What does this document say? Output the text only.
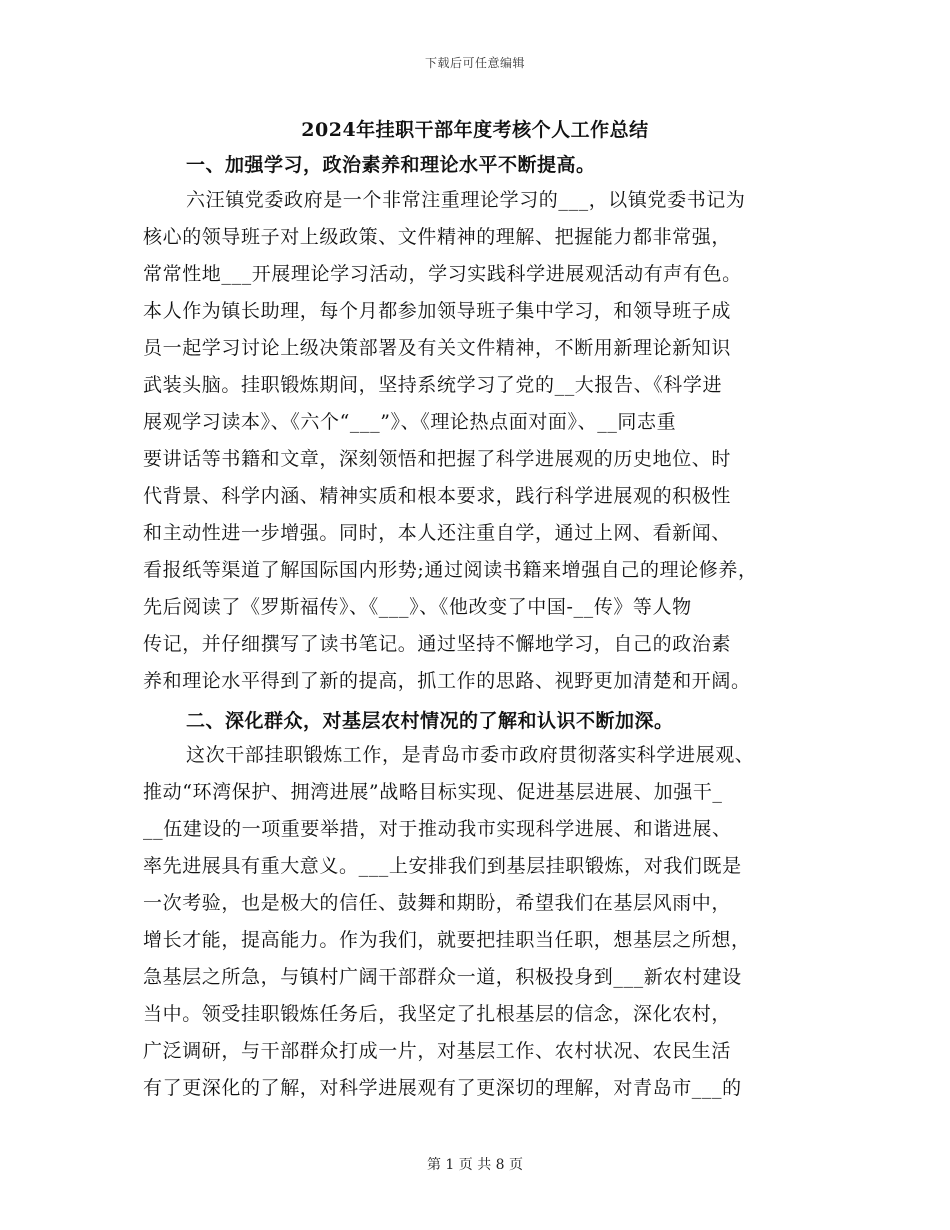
下载后可任意编辑
2024年挂职干部年度考核个人工作总结
一、加强学习，政治素养和理论水平不断提高。
六汪镇党委政府是一个非常注重理论学习的___，以镇党委书记为
核心的领导班子对上级政策、文件精神的理解、把握能力都非常强，
常常性地___开展理论学习活动，学习实践科学进展观活动有声有色。
本人作为镇长助理，每个月都参加领导班子集中学习，和领导班子成
员一起学习讨论上级决策部署及有关文件精神，不断用新理论新知识
武装头脑。挂职锻炼期间，坚持系统学习了党的__大报告、《科学进
展观学习读本》、《六个“___”》、《理论热点面对面》、__同志重
要讲话等书籍和文章，深刻领悟和把握了科学进展观的历史地位、时
代背景、科学内涵、精神实质和根本要求，践行科学进展观的积极性
和主动性进一步增强。同时，本人还注重自学，通过上网、看新闻、
看报纸等渠道了解国际国内形势;通过阅读书籍来增强自己的理论修养，
先后阅读了《罗斯福传》、《___》、《他改变了中国-__传》等人物
传记，并仔细撰写了读书笔记。通过坚持不懈地学习，自己的政治素
养和理论水平得到了新的提高，抓工作的思路、视野更加清楚和开阔。
二、深化群众，对基层农村情况的了解和认识不断加深。
这次干部挂职锻炼工作，是青岛市委市政府贯彻落实科学进展观、
推动“环湾保护、拥湾进展”战略目标实现、促进基层进展、加强干_
__伍建设的一项重要举措，对于推动我市实现科学进展、和谐进展、
率先进展具有重大意义。___上安排我们到基层挂职锻炼，对我们既是
一次考验，也是极大的信任、鼓舞和期盼，希望我们在基层风雨中，
增长才能，提高能力。作为我们，就要把挂职当任职，想基层之所想，
急基层之所急，与镇村广阔干部群众一道，积极投身到___新农村建设
当中。领受挂职锻炼任务后，我坚定了扎根基层的信念，深化农村，
广泛调研，与干部群众打成一片，对基层工作、农村状况、农民生活
有了更深化的了解，对科学进展观有了更深切的理解，对青岛市___的
第 1 页 共 8 页
